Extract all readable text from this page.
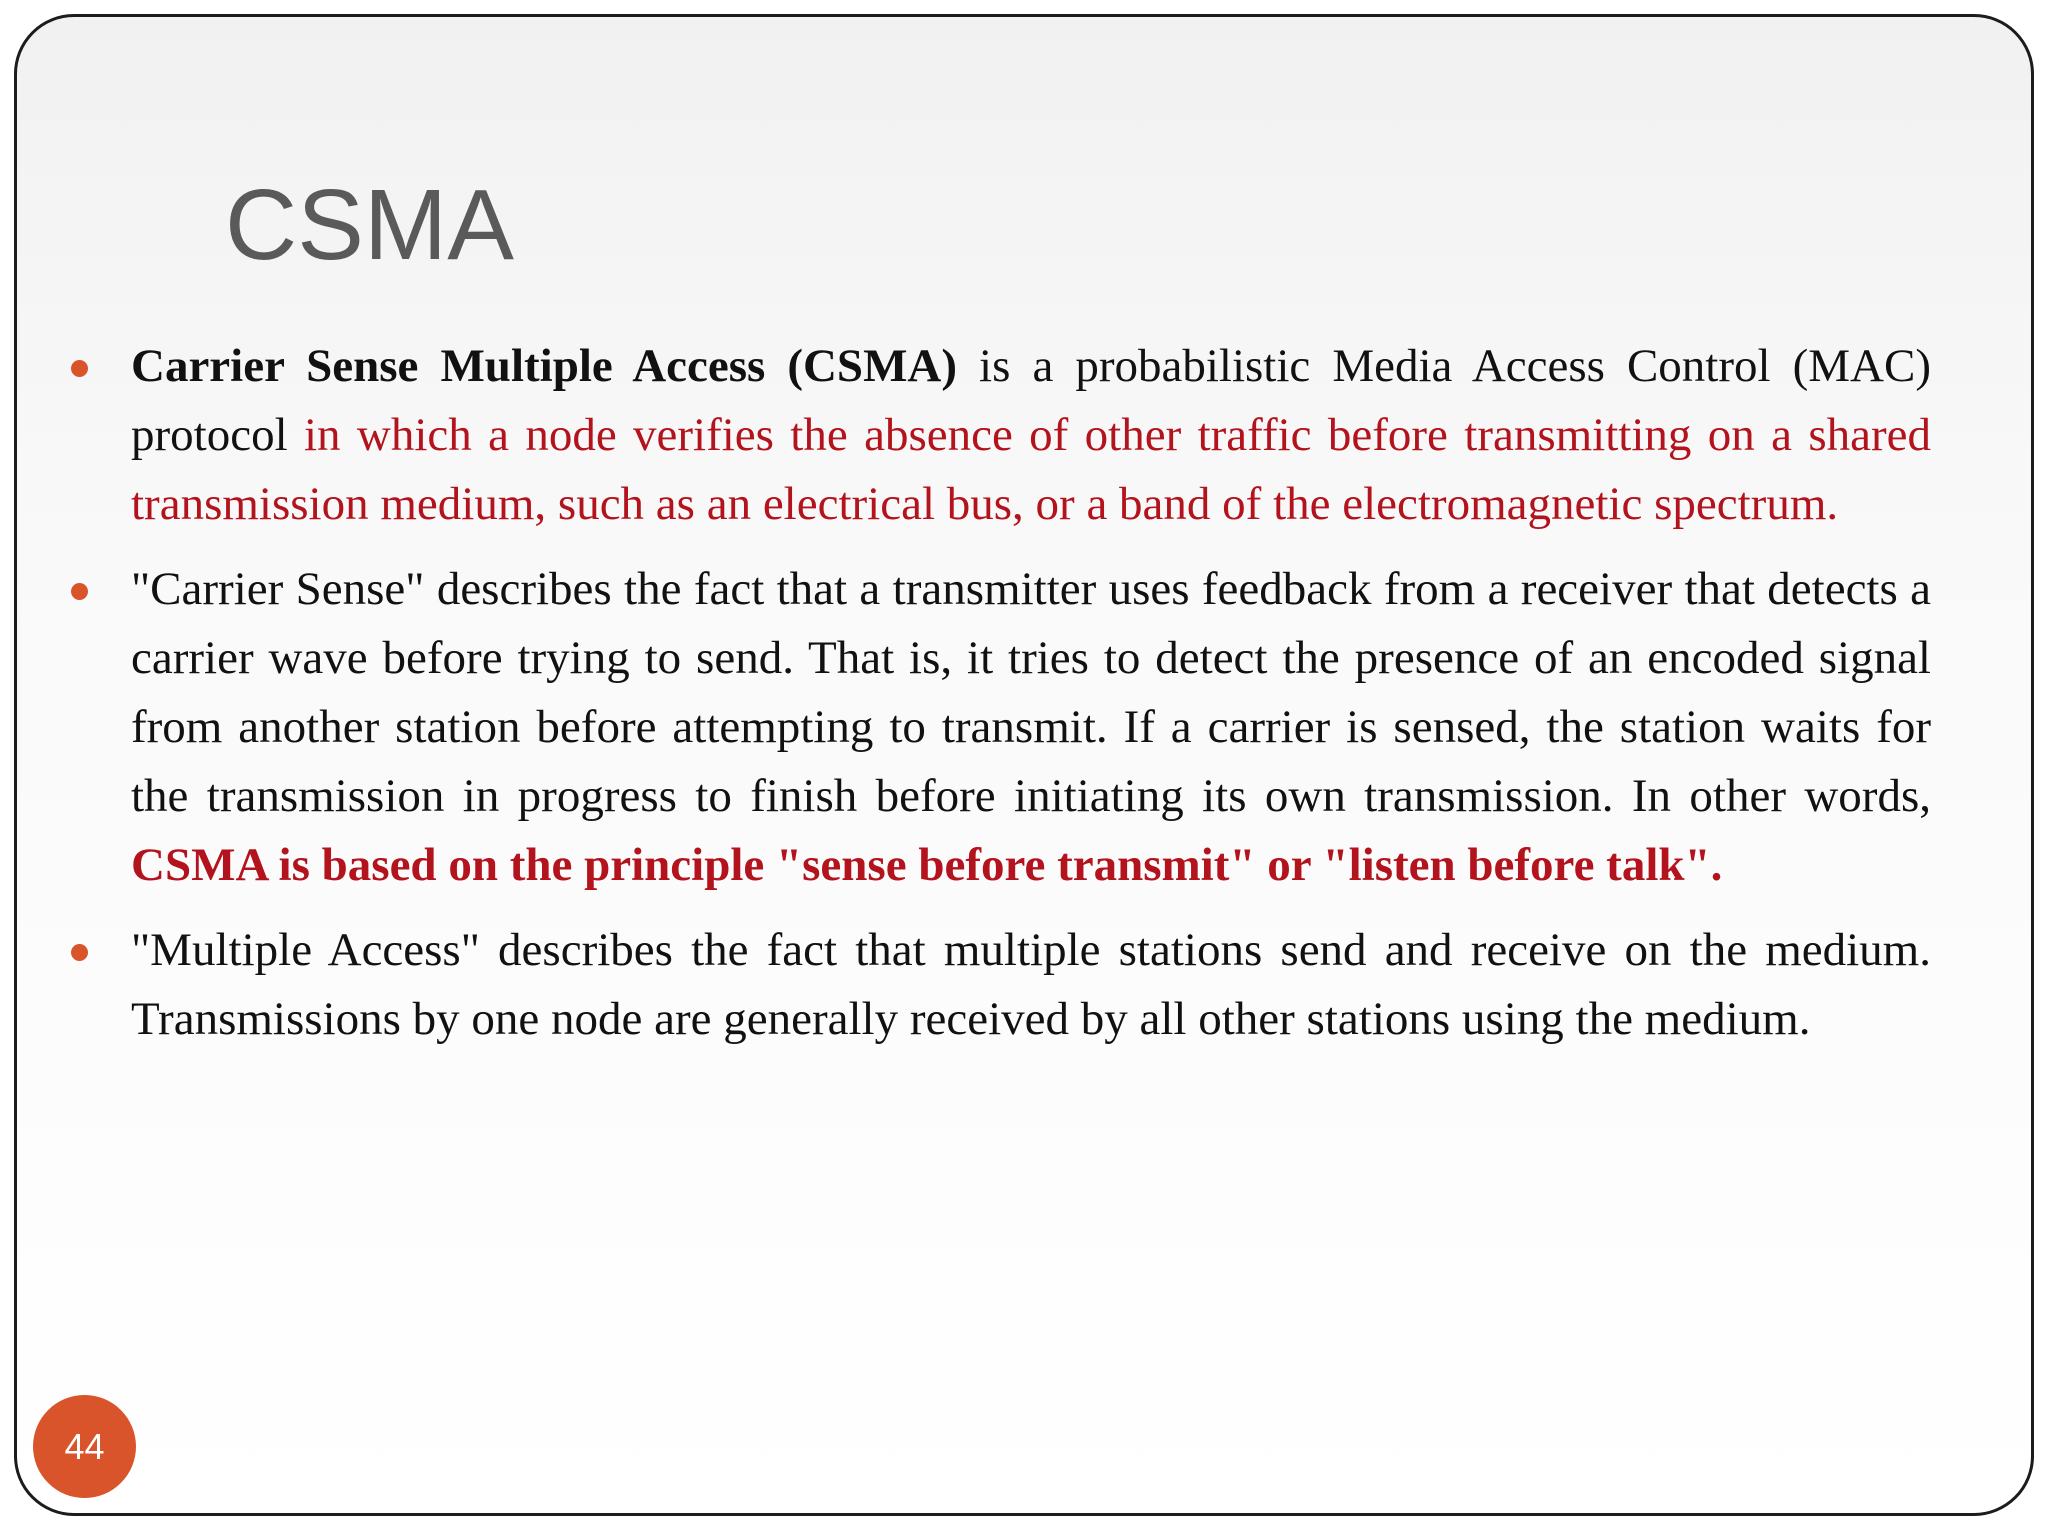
CSMA
Carrier Sense Multiple Access (CSMA) is a probabilistic Media Access Control (MAC) protocol in which a node verifies the absence of other traffic before transmitting on a shared transmission medium, such as an electrical bus, or a band of the electromagnetic spectrum.
"Carrier Sense" describes the fact that a transmitter uses feedback from a receiver that detects a carrier wave before trying to send. That is, it tries to detect the presence of an encoded signal from another station before attempting to transmit. If a carrier is sensed, the station waits for the transmission in progress to finish before initiating its own transmission. In other words, CSMA is based on the principle "sense before transmit" or "listen before talk".
"Multiple Access" describes the fact that multiple stations send and receive on the medium. Transmissions by one node are generally received by all other stations using the medium.
44
